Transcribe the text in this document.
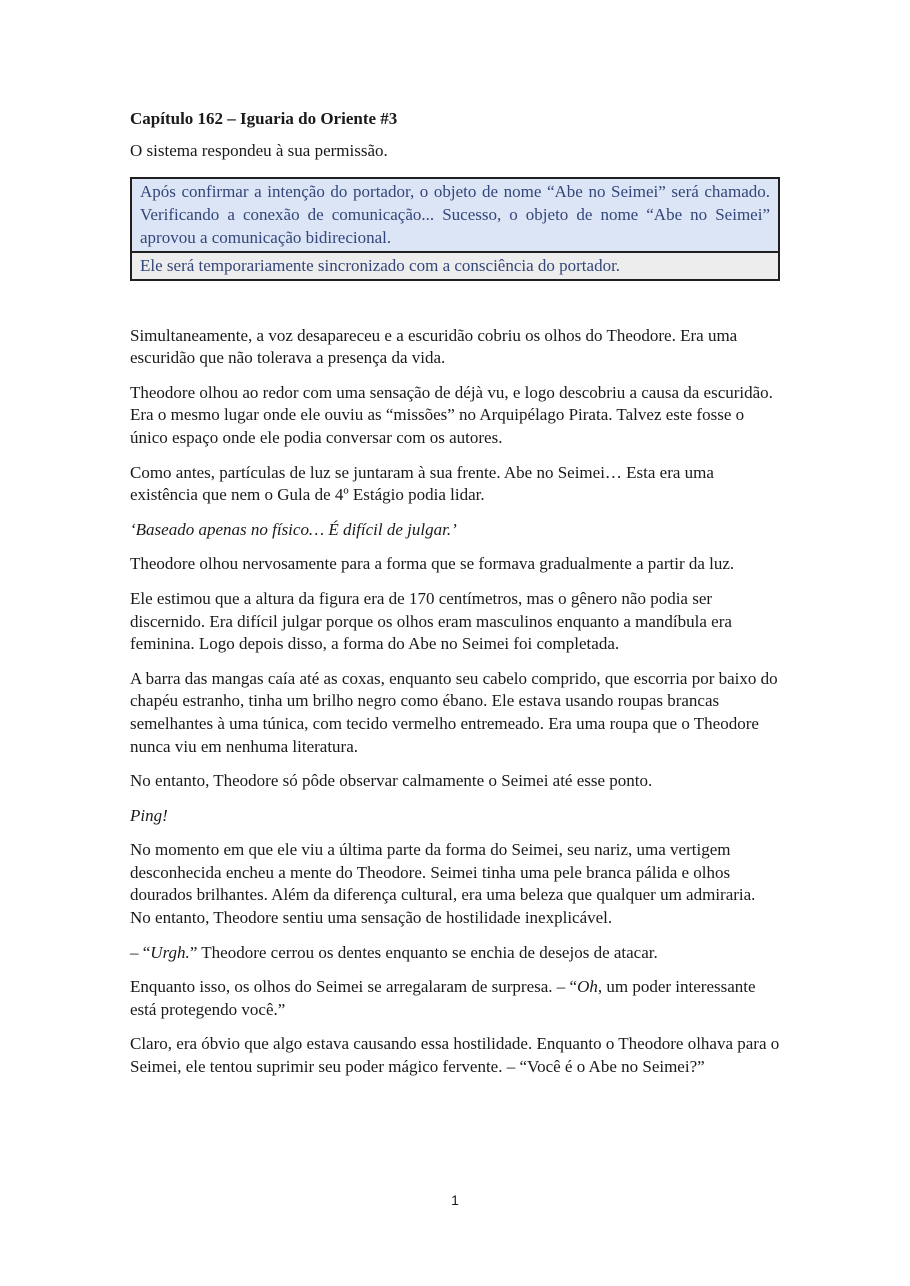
Capítulo 162 – Iguaria do Oriente #3

O sistema respondeu à sua permissão.

Após confirmar a intenção do portador, o objeto de nome “Abe no Seimei” será chamado. Verificando a conexão de comunicação... Sucesso, o objeto de nome “Abe no Seimei” aprovou a comunicação bidirecional.
Ele será temporariamente sincronizado com a consciência do portador.

Simultaneamente, a voz desapareceu e a escuridão cobriu os olhos do Theodore. Era uma escuridão que não tolerava a presença da vida.

Theodore olhou ao redor com uma sensação de déjà vu, e logo descobriu a causa da escuridão. Era o mesmo lugar onde ele ouviu as “missões” no Arquipélago Pirata. Talvez este fosse o único espaço onde ele podia conversar com os autores.

Como antes, partículas de luz se juntaram à sua frente. Abe no Seimei… Esta era uma existência que nem o Gula de 4º Estágio podia lidar.

‘Baseado apenas no físico… É difícil de julgar.’

Theodore olhou nervosamente para a forma que se formava gradualmente a partir da luz.

Ele estimou que a altura da figura era de 170 centímetros, mas o gênero não podia ser discernido. Era difícil julgar porque os olhos eram masculinos enquanto a mandíbula era feminina. Logo depois disso, a forma do Abe no Seimei foi completada.

A barra das mangas caía até as coxas, enquanto seu cabelo comprido, que escorria por baixo do chapéu estranho, tinha um brilho negro como ébano. Ele estava usando roupas brancas semelhantes à uma túnica, com tecido vermelho entremeado. Era uma roupa que o Theodore nunca viu em nenhuma literatura.

No entanto, Theodore só pôde observar calmamente o Seimei até esse ponto.

Ping!

No momento em que ele viu a última parte da forma do Seimei, seu nariz, uma vertigem desconhecida encheu a mente do Theodore. Seimei tinha uma pele branca pálida e olhos dourados brilhantes. Além da diferença cultural, era uma beleza que qualquer um admiraria. No entanto, Theodore sentiu uma sensação de hostilidade inexplicável.

– “Urgh.” Theodore cerrou os dentes enquanto se enchia de desejos de atacar.

Enquanto isso, os olhos do Seimei se arregalaram de surpresa. – “Oh, um poder interessante está protegendo você.”

Claro, era óbvio que algo estava causando essa hostilidade. Enquanto o Theodore olhava para o Seimei, ele tentou suprimir seu poder mágico fervente. – “Você é o Abe no Seimei?”

1
